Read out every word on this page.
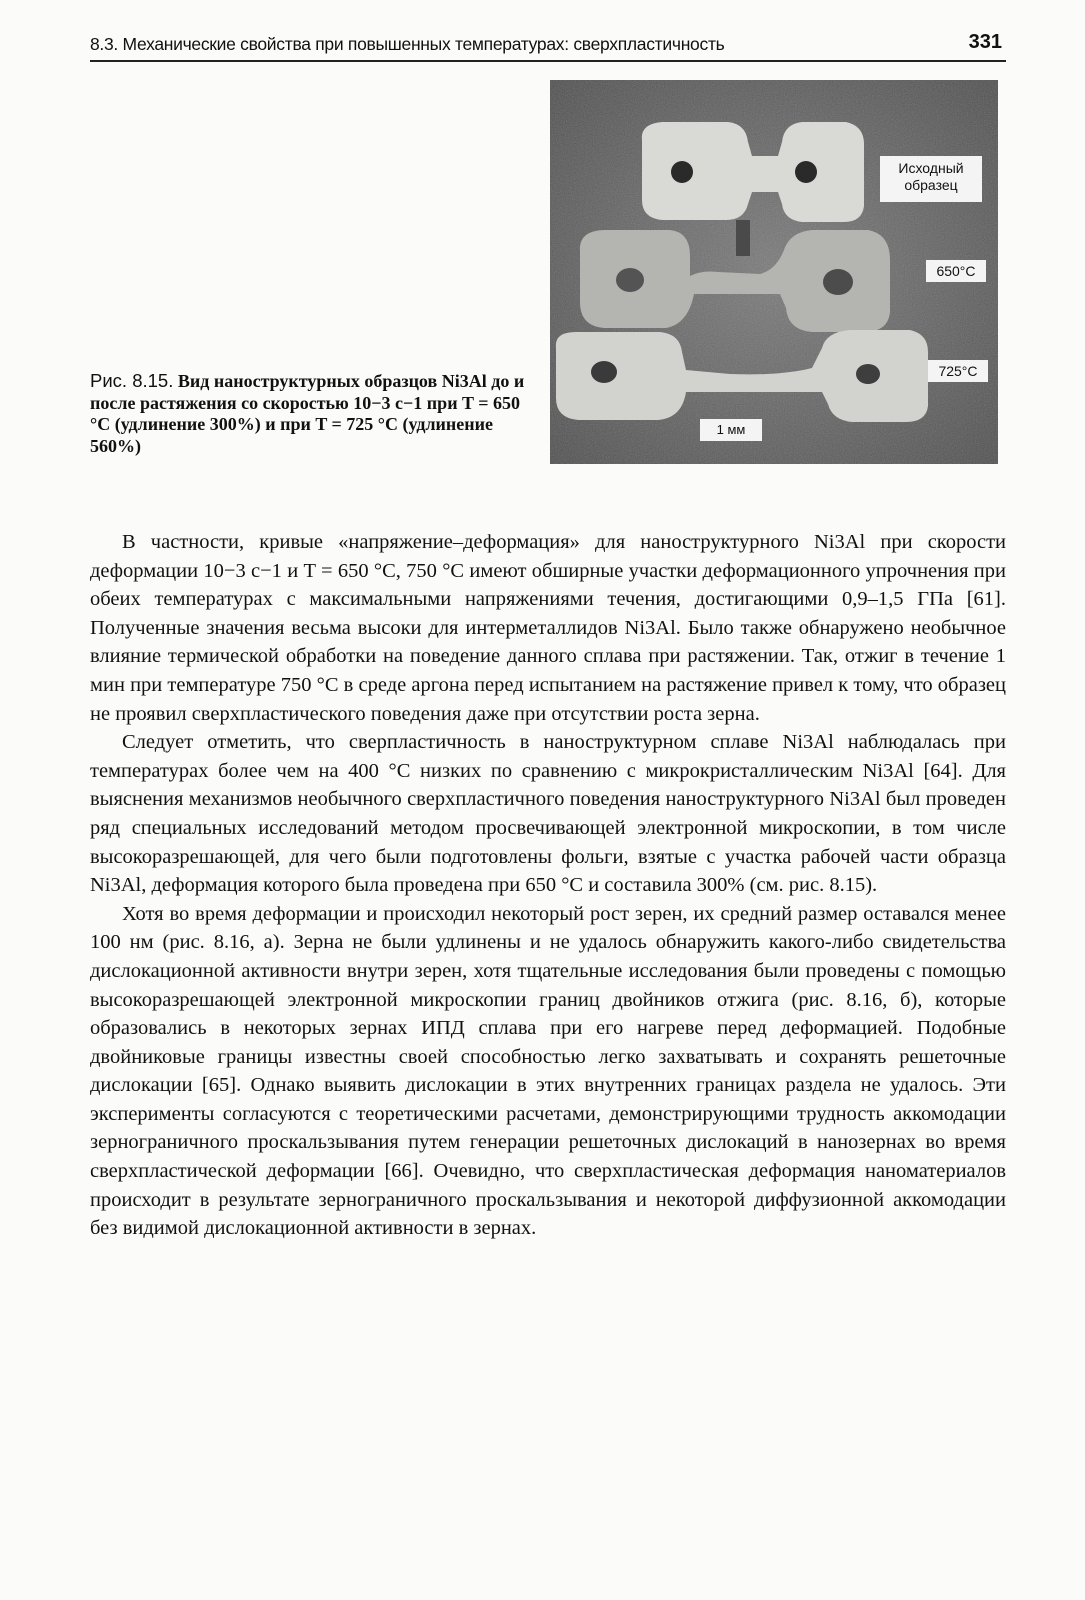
8.3. Механические свойства при повышенных температурах: сверхпластичность	331
Исходный образец
650°C
725°C
1 мм
Рис. 8.15. Вид наноструктурных образцов Ni3Al до и после растяжения со скоростью 10−3 с−1 при T = 650 °C (удлинение 300%) и при T = 725 °C (удлинение 560%)

В частности, кривые «напряжение–деформация» для наноструктурного Ni3Al при скорости деформации 10−3 с−1 и T = 650 °C, 750 °C имеют обширные участки деформационного упрочнения при обеих температурах с максимальными напряжениями течения, достигающими 0,9–1,5 ГПа [61]. Полученные значения весьма высоки для интерметаллидов Ni3Al. Было также обнаружено необычное влияние термической обработки на поведение данного сплава при растяжении. Так, отжиг в течение 1 мин при температуре 750 °C в среде аргона перед испытанием на растяжение привел к тому, что образец не проявил сверхпластического поведения даже при отсутствии роста зерна.

Следует отметить, что сверпластичность в наноструктурном сплаве Ni3Al наблюдалась при температурах более чем на 400 °C низких по сравнению с микрокристаллическим Ni3Al [64]. Для выяснения механизмов необычного сверхпластичного поведения наноструктурного Ni3Al был проведен ряд специальных исследований методом просвечивающей электронной микроскопии, в том числе высокоразрешающей, для чего были подготовлены фольги, взятые с участка рабочей части образца Ni3Al, деформация которого была проведена при 650 °C и составила 300% (см. рис. 8.15).

Хотя во время деформации и происходил некоторый рост зерен, их средний размер оставался менее 100 нм (рис. 8.16, а). Зерна не были удлинены и не удалось обнаружить какого-либо свидетельства дислокационной активности внутри зерен, хотя тщательные исследования были проведены с помощью высокоразрешающей электронной микроскопии границ двойников отжига (рис. 8.16, б), которые образовались в некоторых зернах ИПД сплава при его нагреве перед деформацией. Подобные двойниковые границы известны своей способностью легко захватывать и сохранять решеточные дислокации [65]. Однако выявить дислокации в этих внутренних границах раздела не удалось. Эти эксперименты согласуются с теоретическими расчетами, демонстрирующими трудность аккомодации зернограничного проскальзывания путем генерации решеточных дислокаций в нанозернах во время сверхпластической деформации [66]. Очевидно, что сверхпластическая деформация наноматериалов происходит в результате зернограничного проскальзывания и некоторой диффузионной аккомодации без видимой дислокационной активности в зернах.
